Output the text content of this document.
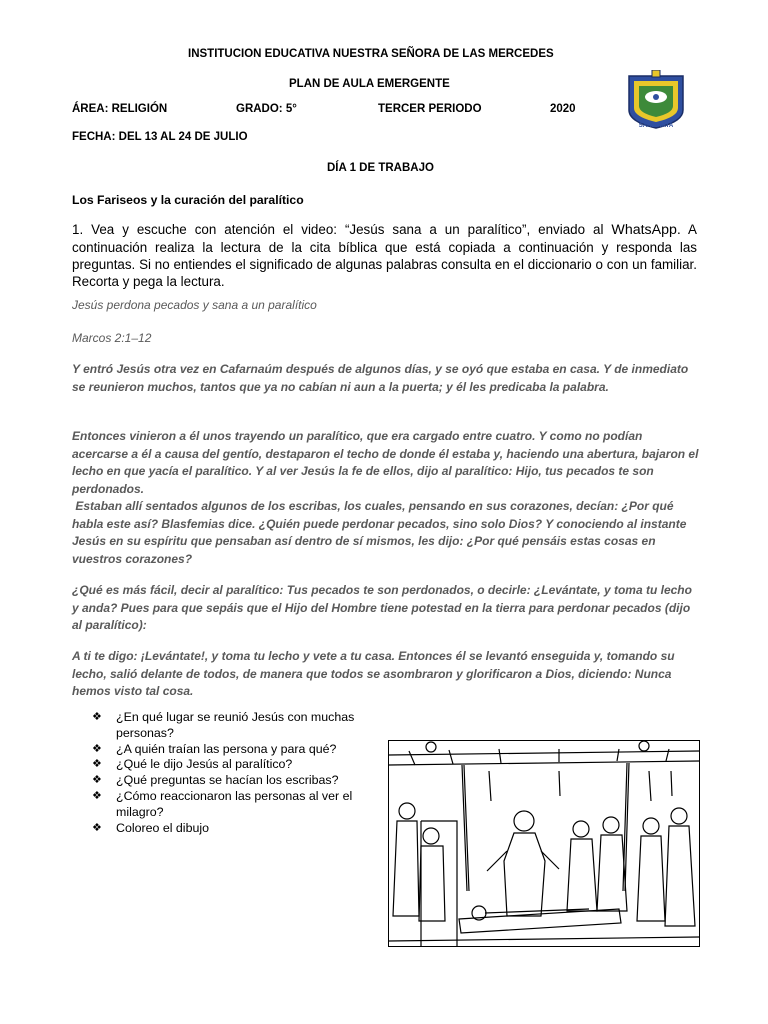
INSTITUCION EDUCATIVA NUESTRA SEÑORA DE LAS MERCEDES
PLAN DE AULA EMERGENTE
ÁREA: RELIGIÓN	GRADO: 5°	TERCER PERIODO	2020
FECHA: DEL 13 AL 24 DE JULIO
DÍA 1 DE TRABAJO
SARDINATA
Los Fariseos y la curación del paralítico
1. Vea y escuche con atención el video: “Jesús sana a un paralítico”, enviado al WhatsApp. A continuación realiza la lectura de la cita bíblica que está copiada a continuación y responda las preguntas. Si no entiendes el significado de algunas palabras consulta en el diccionario o con un familiar. Recorta y pega la lectura.
Jesús perdona pecados y sana a un paralítico
Marcos 2:1–12
Y entró Jesús otra vez en Cafarnaúm después de algunos días, y se oyó que estaba en casa. Y de inmediato se reunieron muchos, tantos que ya no cabían ni aun a la puerta; y él les predicaba la palabra.
Entonces vinieron a él unos trayendo un paralítico, que era cargado entre cuatro. Y como no podían acercarse a él a causa del gentío, destaparon el techo de donde él estaba y, haciendo una abertura, bajaron el lecho en que yacía el paralítico. Y al ver Jesús la fe de ellos, dijo al paralítico: Hijo, tus pecados te son perdonados.
Estaban allí sentados algunos de los escribas, los cuales, pensando en sus corazones, decían: ¿Por qué habla este así? Blasfemias dice. ¿Quién puede perdonar pecados, sino solo Dios? Y conociendo al instante Jesús en su espíritu que pensaban así dentro de sí mismos, les dijo: ¿Por qué pensáis estas cosas en vuestros corazones?
¿Qué es más fácil, decir al paralítico: Tus pecados te son perdonados, o decirle: ¿Levántate, y toma tu lecho y anda? Pues para que sepáis que el Hijo del Hombre tiene potestad en la tierra para perdonar pecados (dijo al paralítico):
A ti te digo: ¡Levántate!, y toma tu lecho y vete a tu casa. Entonces él se levantó enseguida y, tomando su lecho, salió delante de todos, de manera que todos se asombraron y glorificaron a Dios, diciendo: Nunca hemos visto tal cosa.
❖ ¿En qué lugar se reunió Jesús con muchas personas?
❖ ¿A quién traían las persona y para qué?
❖ ¿Qué le dijo Jesús al paralítico?
❖ ¿Qué preguntas se hacían los escribas?
❖ ¿Cómo reaccionaron las personas al ver el milagro?
❖ Coloreo el dibujo
